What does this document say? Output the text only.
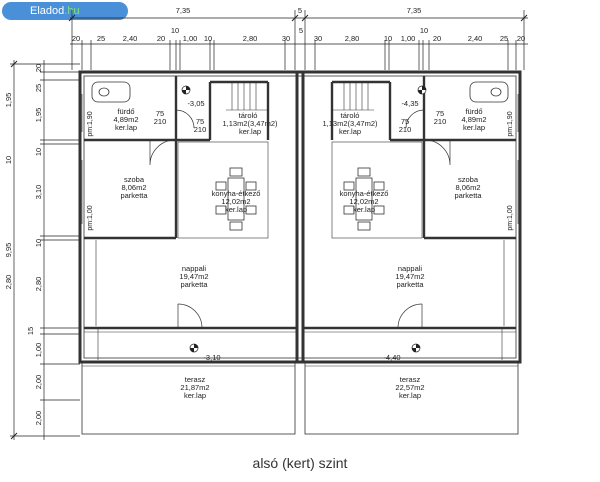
Eladod.hu	7,35	5	7,35
20 25 2,40	20
10
1,00 10	2,80	30
5
30	2,80	10 1,00
10
20	2,40 25 20
9,95
20
25
1,95
10
3,10
10
2,80
15
1,00
2,00
2,00
1,95
10
2,80
fürdő
4,89m2
ker.lap
tároló
1,13m2(3,47m2)
ker.lap
szoba
8,06m2
parketta	konyha-étkező
12,02m2
ker.lap
nappali
19,47m2
parketta
terasz
21,87m2
ker.lap
-3,05
-3,10
75
210	75
210
fürdő
4,89m2
ker.lap
tároló
1,13m2(3,47m2)
ker.lap
szoba
8,06m2
parketta
konyha-étkező
12,02m2
ker.lap
nappali
19,47m2
parketta
terasz
22,57m2
ker.lap
-4,35
-4,40
75
210
75
210
pm:1,90
pm:1,00
pm:1,90
pm:1,00
alsó (kert) szint
